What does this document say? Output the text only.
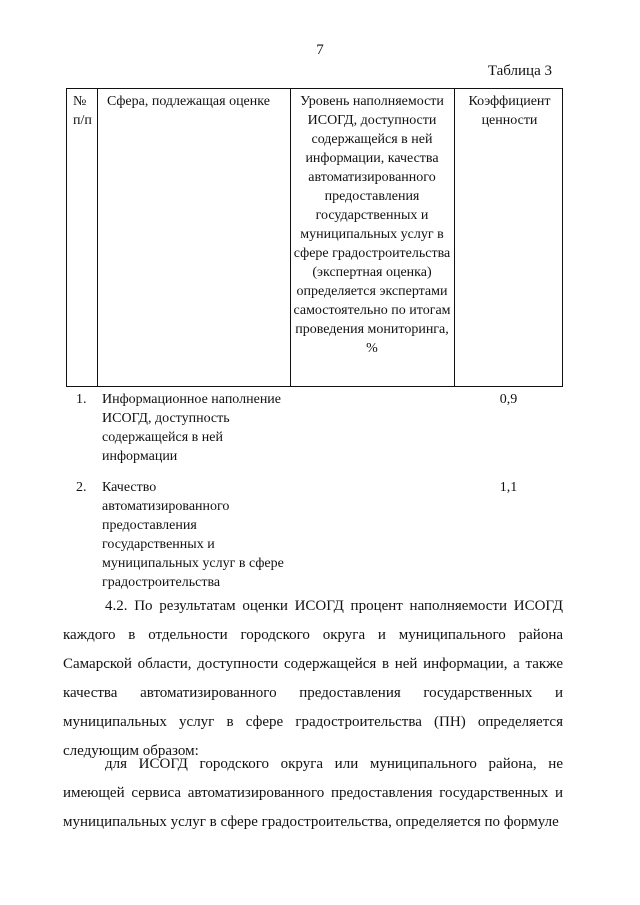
7
Таблица 3
№
п/п
Сфера, подлежащая оценке	Уровень наполняемости ИСОГД, доступности содержащейся в ней информации, качества автоматизированного предоставления государственных и муниципальных услуг в сфере градостроительства (экспертная оценка) определяется экспертами самостоятельно по итогам проведения мониторинга, %
Коэффициент
ценности
1. Информационное наполнение ИСОГД, доступность содержащейся в ней информации
0,9
2. Качество автоматизированного предоставления государственных и муниципальных услуг в сфере градостроительства
1,1
4.2. По результатам оценки ИСОГД процент наполняемости ИСОГД каждого в отдельности городского округа и муниципального района Самарской области, доступности содержащейся в ней информации, а также качества автоматизированного предоставления государственных и муниципальных услуг в сфере градостроительства (ПН) определяется следующим образом:
для ИСОГД городского округа или муниципального района, не имеющей сервиса автоматизированного предоставления государственных и муниципальных услуг в сфере градостроительства, определяется по формуле
